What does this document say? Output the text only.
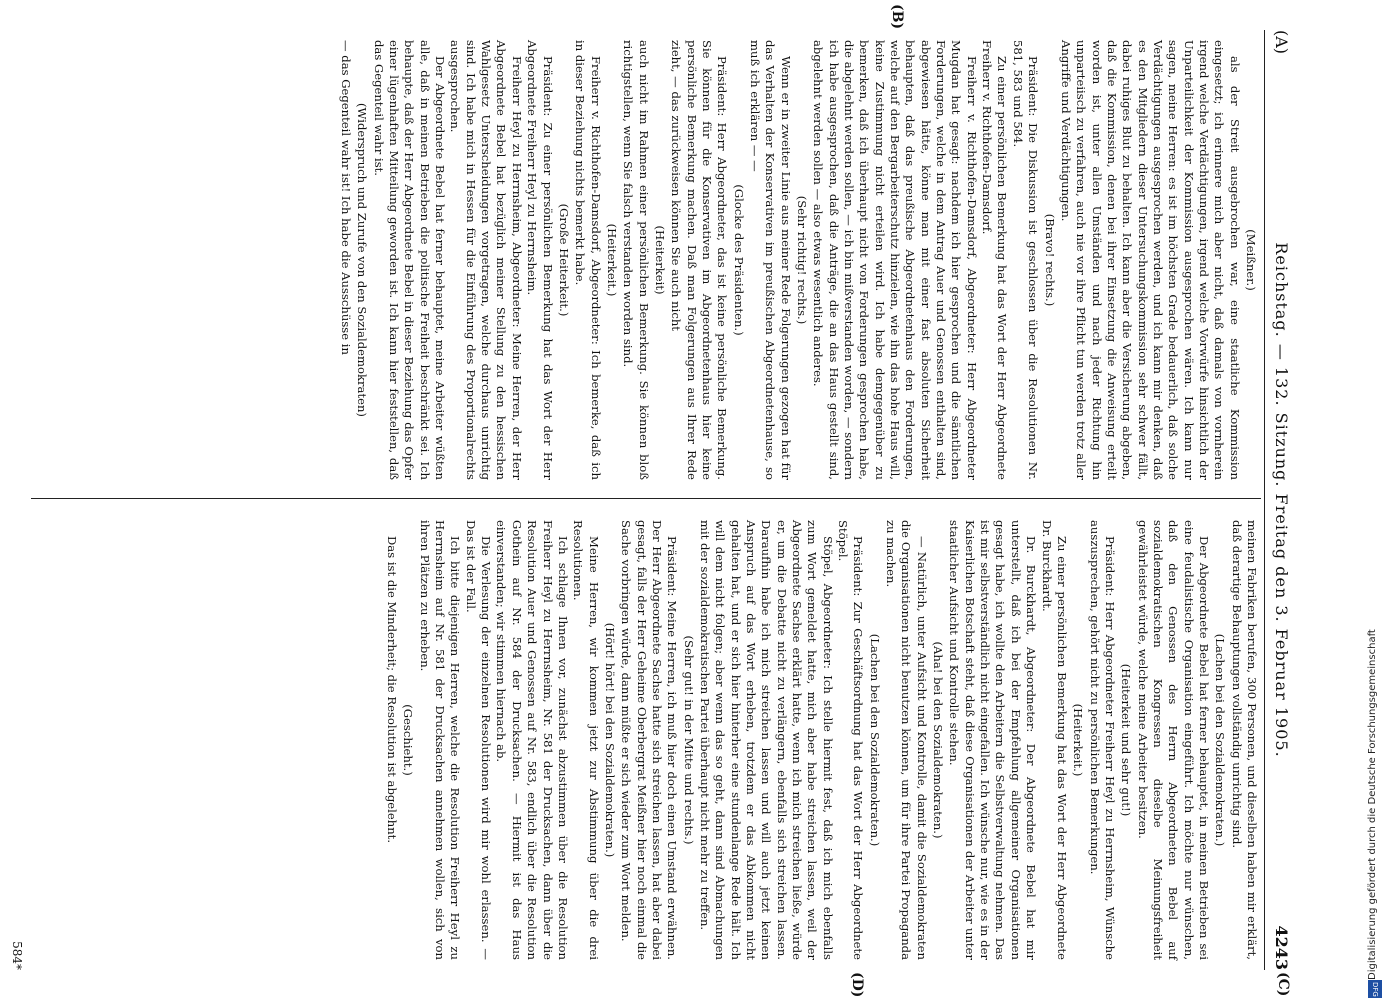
(A)
Reichstag. — 132. Sitzung. Freitag den 3. Februar 1905.
4243
(B)
(C)
(D)

(Meißner.)

als der Streit ausgebrochen war, eine staatliche Kommission eingesetzt; ich erinnere mich aber nicht, daß damals von vornherein irgend welche Verdächtigungen, irgend welche Vorwürfe hinsichtlich der Unparteilichkeit der Kommission ausgesprochen wären. Ich kann nur sagen, meine Herren: es ist im höchsten Grade bedauerlich, daß solche Verdächtigungen ausgesprochen werden, und ich kann mir denken, daß es den Mitgliedern dieser Untersuchungskommission sehr schwer fällt, dabei ruhiges Blut zu behalten. Ich kann aber die Versicherung abgeben, daß die Kommission, denen bei ihrer Einsetzung die Anweisung erteilt worden ist, unter allen Umständen und nach jeder Richtung hin unparteiisch zu verfahren, auch nie vor ihre Pflicht tun werden trotz aller Angriffe und Verdächtigungen.

(Bravo! rechts.)

Präsident: Die Diskussion ist geschlossen über die Resolutionen Nr. 581, 583 und 584.

Zu einer persönlichen Bemerkung hat das Wort der Herr Abgeordnete Freiherr v. Richthofen-Damsdorf.

Freiherr v. Richthofen-Damsdorf, Abgeordneter: Herr Abgeordneter Mugdan hat gesagt: nachdem ich hier gesprochen und die sämtlichen Forderungen, welche in dem Antrag Auer und Genossen enthalten sind, abgewiesen hätte, könne man mit einer fast absoluten Sicherheit behaupten, daß das preußische Abgeordnetenhaus den Forderungen, welche auf den Bergarbeiterschutz hinzielen, wie ihn das hohe Haus will, keine Zustimmung nicht erteilen wird. Ich habe demgegenüber zu bemerken, daß ich überhaupt nicht von Forderungen gesprochen habe, die abgelehnt werden sollen, — ich bin mißverstanden worden, — sondern ich habe ausgesprochen, daß die Anträge, die an das Haus gestellt sind, abgelehnt werden sollen — also etwas wesentlich anderes.

(Sehr richtig! rechts.)

Wenn er in zweiter Linie aus meiner Rede Folgerungen gezogen hat für das Verhalten der Konservativen im preußischen Abgeordnetenhause, so muß ich erklären — —

(Glocke des Präsidenten.)

Präsident: Herr Abgeordneter, das ist keine persönliche Bemerkung. Sie können für die Konservativen im Abgeordnetenhaus hier keine persönliche Bemerkung machen. Daß man Folgerungen aus Ihrer Rede zieht, — das zurückweisen können Sie auch nicht

(Heiterkeit)

auch nicht im Rahmen einer persönlichen Bemerkung. Sie können bloß richtigstellen, wenn Sie falsch verstanden worden sind.

(Heiterkeit.)

Freiherr v. Richthofen-Damsdorf, Abgeordneter: Ich bemerke, daß ich in dieser Beziehung nichts bemerkt habe.

(Große Heiterkeit.)

Präsident: Zu einer persönlichen Bemerkung hat das Wort der Herr Abgeordnete Freiherr Heyl zu Herrnsheim.

Freiherr Heyl zu Herrnsheim, Abgeordneter: Meine Herren, der Herr Abgeordnete Bebel hat bezüglich meiner Stellung zu den hessischen Wahlgesetz Unterscheidungen vorgetragen, welche durchaus unrichtig sind. Ich habe mich in Hessen für die Einführung des Proportionalrechts ausgesprochen.

Der Abgeordnete Bebel hat ferner behauptet, meine Arbeiter wüßten alle, daß in meinen Betrieben die politische Freiheit beschränkt sei. Ich behaupte, daß der Herr Abgeordnete Bebel in dieser Beziehung das Opfer einer lügenhaften Mitteilung geworden ist. Ich kann hier feststellen, daß das Gegenteil wahr ist.

(Widerspruch und Zurufe von den Sozialdemokraten)

— das Gegenteil wahr ist! Ich habe die Ausschüsse in

meinen Fabriken berufen, 300 Personen, und dieselben haben mir erklärt, daß derartige Behauptungen vollständig unrichtig sind.

(Lachen bei den Sozialdemokraten.)

Der Abgeordnete Bebel hat ferner behauptet, in meinen Betrieben sei eine feudalistische Organisation eingeführt. Ich möchte nur wünschen, daß den Genossen des Herrn Abgeordneten Bebel auf sozialdemokratischen Kongressen dieselbe Meinungsfreiheit gewährleistet würde, welche meine Arbeiter besitzen.

(Heiterkeit und sehr gut!)

Präsident: Herr Abgeordneter Freiherr Heyl zu Herrnsheim, Wünsche auszusprechen, gehört nicht zu persönlichen Bemerkungen.

(Heiterkeit.)

Zu einer persönlichen Bemerkung hat das Wort der Herr Abgeordnete Dr. Burckhardt.

Dr. Burckhardt, Abgeordneter: Der Abgeordnete Bebel hat mir unterstellt, daß ich bei der Empfehlung allgemeiner Organisationen gesagt habe, ich wollte den Arbeitern die Selbstverwaltung nehmen. Das ist mir selbstverständlich nicht eingefallen. Ich wünsche nur, wie es in der Kaiserlichen Botschaft steht, daß diese Organisationen der Arbeiter unter staatlicher Aufsicht und Kontrolle stehen.

(Aha! bei den Sozialdemokraten.)

— Natürlich, unter Aufsicht und Kontrolle, damit die Sozialdemokraten die Organisationen nicht benutzen können, um für ihre Partei Propaganda zu machen.

(Lachen bei den Sozialdemokraten.)

Präsident: Zur Geschäftsordnung hat das Wort der Herr Abgeordnete Stöpel.

Stöpel, Abgeordneter: Ich stelle hiermit fest, daß ich mich ebenfalls zum Wort gemeldet hatte, mich aber habe streichen lassen, weil der Abgeordnete Sachse erklärt hatte, wenn ich mich streichen ließe, würde er, um die Debatte nicht zu verlängern, ebenfalls sich streichen lassen. Daraufhin habe ich mich streichen lassen und will auch jetzt keinen Anspruch auf das Wort erheben, trotzdem er das Abkommen nicht gehalten hat, und er sich hier hinterher eine stundenlange Rede hält. Ich will dem nicht folgen; aber wenn das so geht, dann sind Abmachungen mit der sozialdemokratischen Partei überhaupt nicht mehr zu treffen.

(Sehr gut! in der Mitte und rechts.)

Präsident: Meine Herren, ich muß hier doch einen Umstand erwähnen. Der Herr Abgeordnete Sachse hatte sich streichen lassen, hat aber dabei gesagt, falls der Herr Geheime Oberbergrat Meißner hier noch einmal die Sache vorbringen würde, dann müßte er sich wieder zum Wort melden.

(Hört! hört! bei den Sozialdemokraten.)

Meine Herren, wir kommen jetzt zur Abstimmung über die drei Resolutionen.

Ich schlage Ihnen vor, zunächst abzustimmen über die Resolution Freiherr Heyl zu Herrnsheim, Nr. 581 der Drucksachen, dann über die Resolution Auer und Genossen auf Nr. 583, endlich über die Resolution Gothein auf Nr. 584 der Drucksachen. — Hiermit ist das Haus einverstanden; wir stimmen hiernach ab.

Die Verlesung der einzelnen Resolutionen wird mir wohl erlassen. — Das ist der Fall.

Ich bitte diejenigen Herren, welche die Resolution Freiherr Heyl zu Herrnsheim auf Nr. 581 der Drucksachen annehmen wollen, sich von ihren Plätzen zu erheben.

(Geschieht.)

Das ist die Minderheit; die Resolution ist abgelehnt.

584*	Digitalisierung gefördert durch die Deutsche Forschungsgemeinschaft
DFG
